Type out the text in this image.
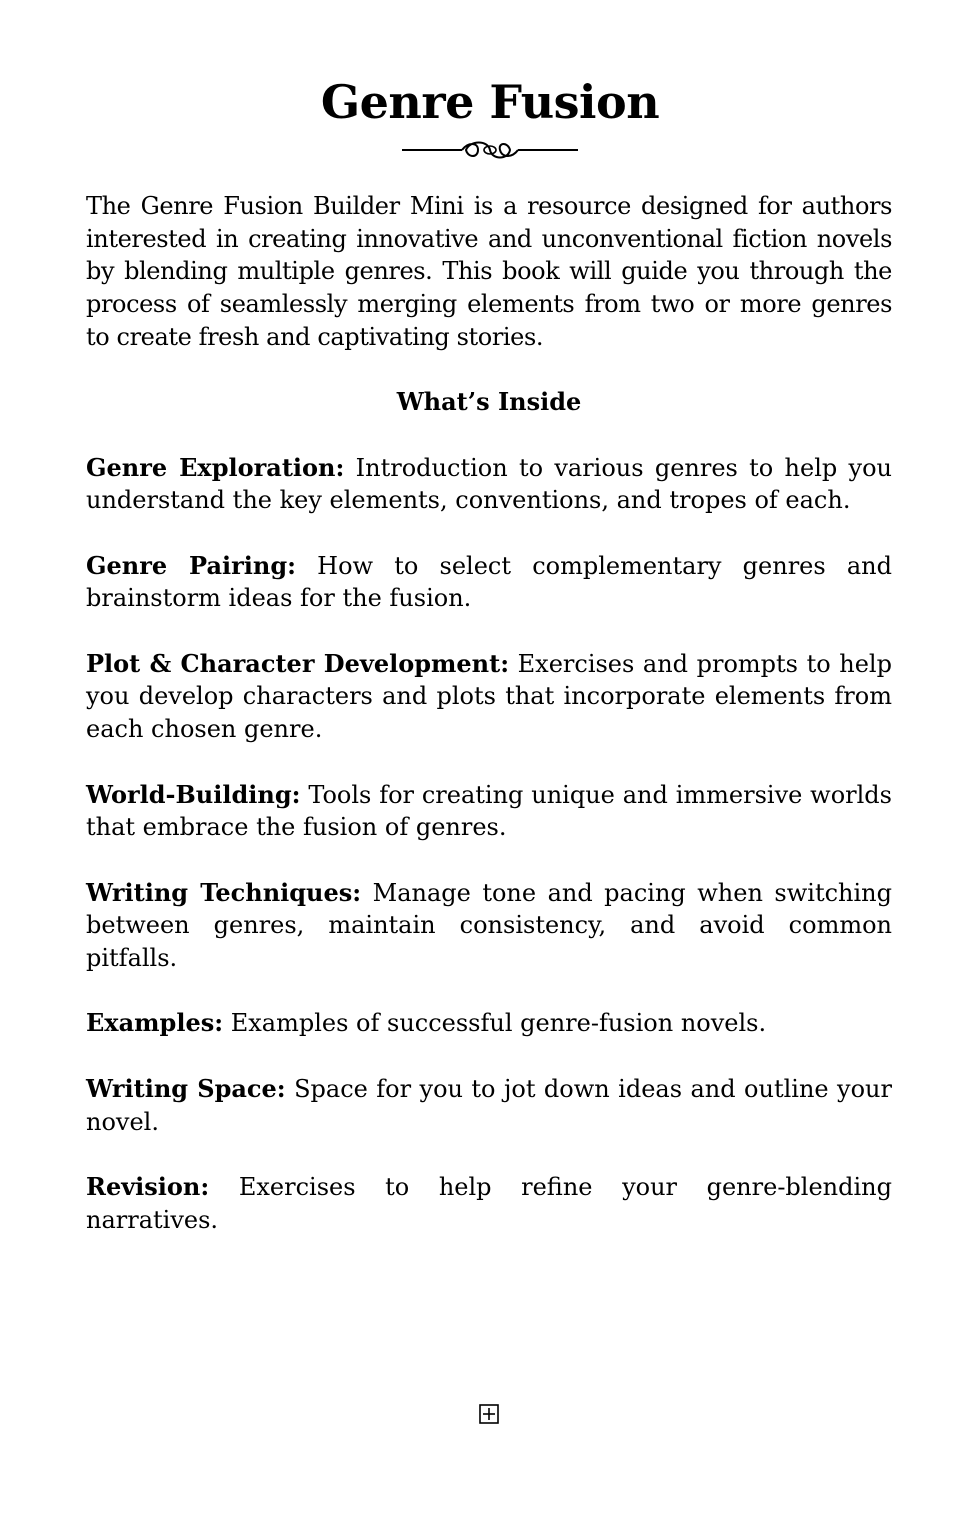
Genre Fusion

The Genre Fusion Builder Mini is a resource designed for authors interested in creating innovative and unconventional fiction novels by blending multiple genres. This book will guide you through the process of seamlessly merging elements from two or more genres to create fresh and captivating stories.

What’s Inside

Genre Exploration: Introduction to various genres to help you understand the key elements, conventions, and tropes of each.

Genre Pairing: How to select complementary genres and brainstorm ideas for the fusion.

Plot & Character Development: Exercises and prompts to help you develop characters and plots that incorporate elements from each chosen genre.

World-Building: Tools for creating unique and immersive worlds that embrace the fusion of genres.

Writing Techniques: Manage tone and pacing when switching between genres, maintain consistency, and avoid common pitfalls.

Examples: Examples of successful genre-fusion novels.

Writing Space: Space for you to jot down ideas and outline your novel.

Revision: Exercises to help refine your genre-blending narratives.
